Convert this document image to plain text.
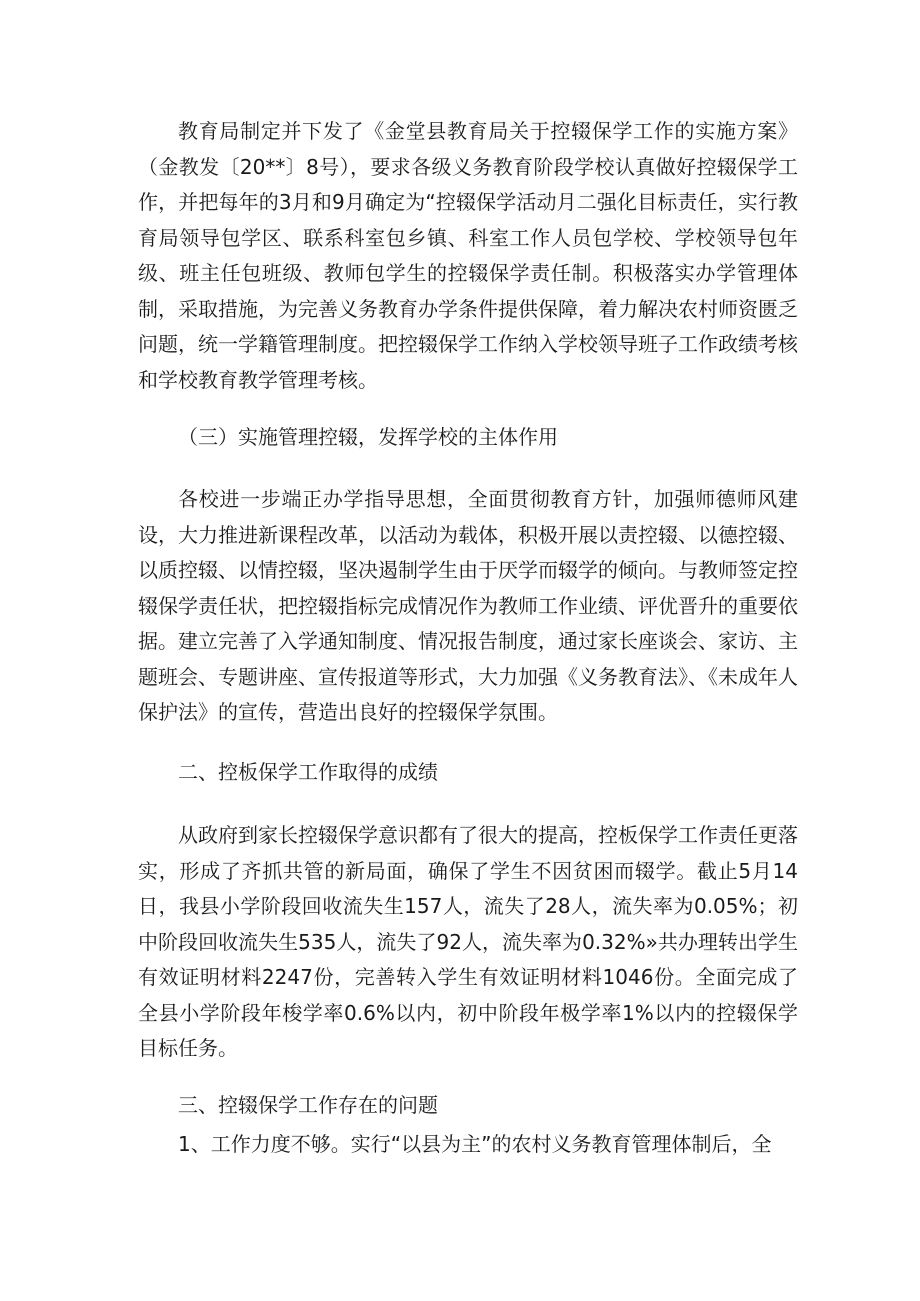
教育局制定并下发了《金堂县教育局关于控辍保学工作的实施方案》（金教发〔20**〕8号），要求各级义务教育阶段学校认真做好控辍保学工作，并把每年的3月和9月确定为“控辍保学活动月二强化目标责任，实行教育局领导包学区、联系科室包乡镇、科室工作人员包学校、学校领导包年级、班主任包班级、教师包学生的控辍保学责任制。积极落实办学管理体制，采取措施，为完善义务教育办学条件提供保障，着力解决农村师资匮乏问题，统一学籍管理制度。把控辍保学工作纳入学校领导班子工作政绩考核和学校教育教学管理考核。

（三）实施管理控辍，发挥学校的主体作用

各校进一步端正办学指导思想，全面贯彻教育方针，加强师德师风建设，大力推进新课程改革，以活动为载体，积极开展以责控辍、以德控辍、以质控辍、以情控辍，坚决遏制学生由于厌学而辍学的倾向。与教师签定控辍保学责任状，把控辍指标完成情况作为教师工作业绩、评优晋升的重要依据。建立完善了入学通知制度、情况报告制度，通过家长座谈会、家访、主题班会、专题讲座、宣传报道等形式，大力加强《义务教育法》、《未成年人保护法》的宣传，营造出良好的控辍保学氛围。

二、控板保学工作取得的成绩

从政府到家长控辍保学意识都有了很大的提高，控板保学工作责任更落实，形成了齐抓共管的新局面，确保了学生不因贫困而辍学。截止5月14日，我县小学阶段回收流失生157人，流失了28人，流失率为0.05%；初中阶段回收流失生535人，流失了92人，流失率为0.32%»共办理转出学生有效证明材料2247份，完善转入学生有效证明材料1046份。全面完成了全县小学阶段年梭学率0.6%以内，初中阶段年极学率1%以内的控辍保学目标任务。

三、控辍保学工作存在的问题

1、工作力度不够。实行“以县为主”的农村义务教育管理体制后，全
